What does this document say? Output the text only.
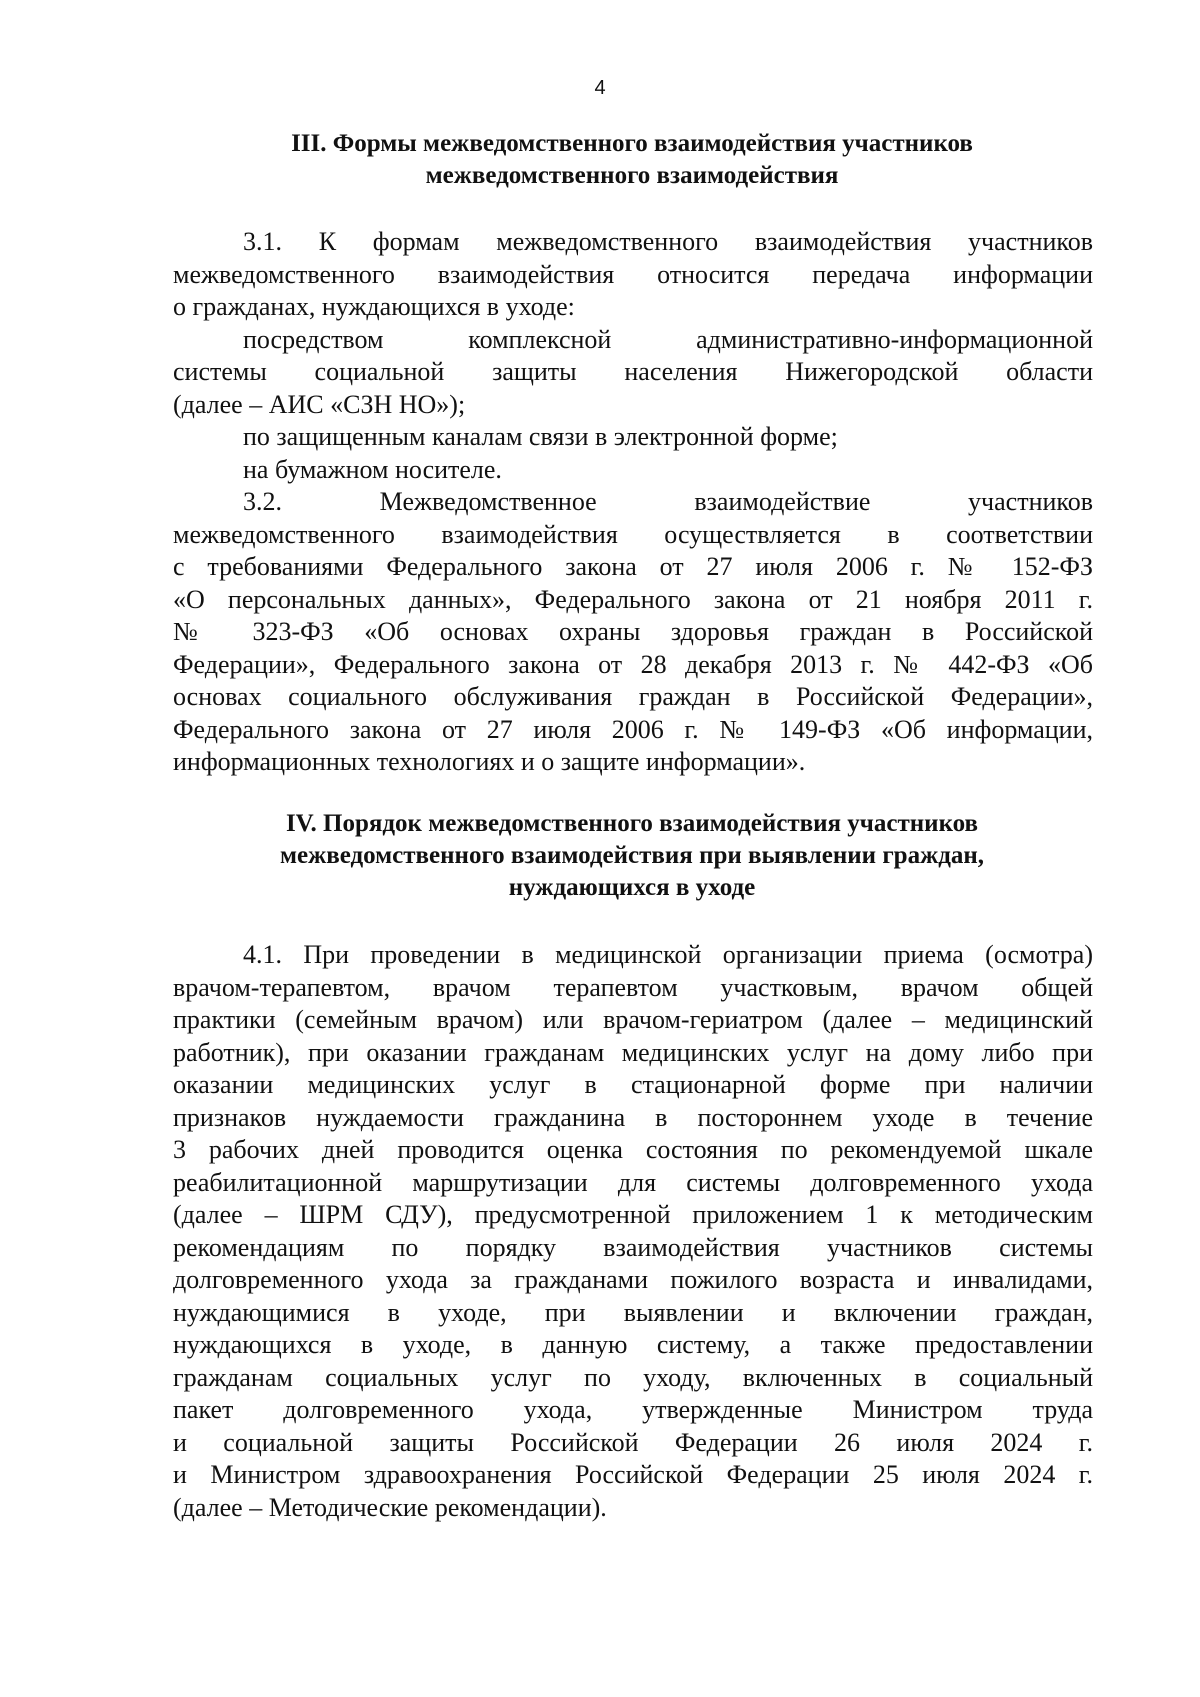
4
III. Формы межведомственного взаимодействия участников
межведомственного взаимодействия
3.1. К формам межведомственного взаимодействия участников
межведомственного взаимодействия относится передача информации
о гражданах, нуждающихся в уходе:
посредством комплексной административно-информационной
системы социальной защиты населения Нижегородской области
(далее – АИС «СЗН НО»);
по защищенным каналам связи в электронной форме;
на бумажном носителе.
3.2. Межведомственное взаимодействие участников
межведомственного взаимодействия осуществляется в соответствии
с требованиями Федерального закона от 27 июля 2006 г. № 152-ФЗ
«О персональных данных», Федерального закона от 21 ноября 2011 г.
№ 323-ФЗ «Об основах охраны здоровья граждан в Российской
Федерации», Федерального закона от 28 декабря 2013 г. № 442-ФЗ «Об
основах социального обслуживания граждан в Российской Федерации»,
Федерального закона от 27 июля 2006 г. № 149-ФЗ «Об информации,
информационных технологиях и о защите информации».
IV. Порядок межведомственного взаимодействия участников
межведомственного взаимодействия при выявлении граждан,
нуждающихся в уходе
4.1. При проведении в медицинской организации приема (осмотра)
врачом-терапевтом, врачом терапевтом участковым, врачом общей
практики (семейным врачом) или врачом-гериатром (далее – медицинский
работник), при оказании гражданам медицинских услуг на дому либо при
оказании медицинских услуг в стационарной форме при наличии
признаков нуждаемости гражданина в постороннем уходе в течение
3 рабочих дней проводится оценка состояния по рекомендуемой шкале
реабилитационной маршрутизации для системы долговременного ухода
(далее – ШРМ СДУ), предусмотренной приложением 1 к методическим
рекомендациям по порядку взаимодействия участников системы
долговременного ухода за гражданами пожилого возраста и инвалидами,
нуждающимися в уходе, при выявлении и включении граждан,
нуждающихся в уходе, в данную систему, а также предоставлении
гражданам социальных услуг по уходу, включенных в социальный
пакет долговременного ухода, утвержденные Министром труда
и социальной защиты Российской Федерации 26 июля 2024 г.
и Министром здравоохранения Российской Федерации 25 июля 2024 г.
(далее – Методические рекомендации).
